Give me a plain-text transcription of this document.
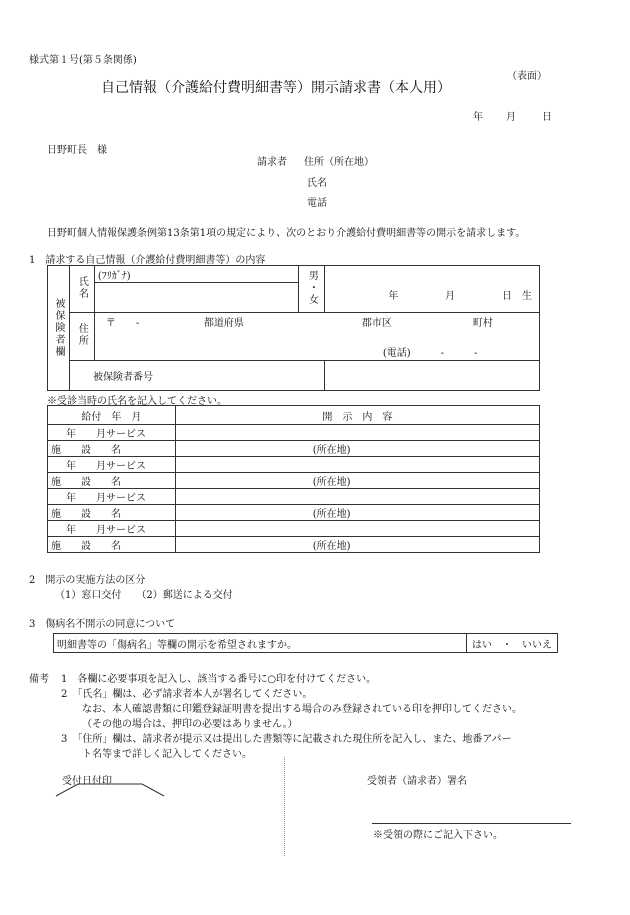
様式第１号(第５条関係)
（表面）
自己情報（介護給付費明細書等）開示請求書（本人用）
年 月	日
日野町長　様
請求者 住所（所在地）
氏名
電話
日野町個人情報保護条例第13条第1項の規定により、次のとおり介護給付費明細書等の開示を請求します。
1　請求する自己情報（介護給付費明細書等）の内容
被保険者欄	氏名	(ﾌﾘｶﾞﾅ)	男・女	年 月 日　生

	住所	〒　　- 都道府県 郡市区 町村		

		(電話)　　　-　　　-		

	被保険者番号			
※受診当時の氏名を記入してください。
給付　年　月	開　示　内　容
年　　月サービス	
施　　設　　名	(所在地)
年　　月サービス	
施　　設　　名	(所在地)
年　　月サービス	
施　　設　　名	(所在地)
年　　月サービス	
施　　設　　名	(所在地)
2　開示の実施方法の区分
（1）窓口交付　　（2）郵送による交付
3　傷病名不開示の同意について
明細書等の「傷病名」等欄の開示を希望されますか。	はい　・　いいえ
備考 1　各欄に必要事項を記入し、該当する番号に○印を付けてください。
2　「氏名」欄は、必ず請求者本人が署名してください。
なお、本人確認書類に印鑑登録証明書を提出する場合のみ登録されている印を押印してください。
（その他の場合は、押印の必要はありません。）
3　「住所」欄は、請求者が提示又は提出した書類等に記載された現住所を記入し、また、地番アパー
ト名等まで詳しく記入してください。
受付日付印	受領者（請求者）署名
※受領の際にご記入下さい。
